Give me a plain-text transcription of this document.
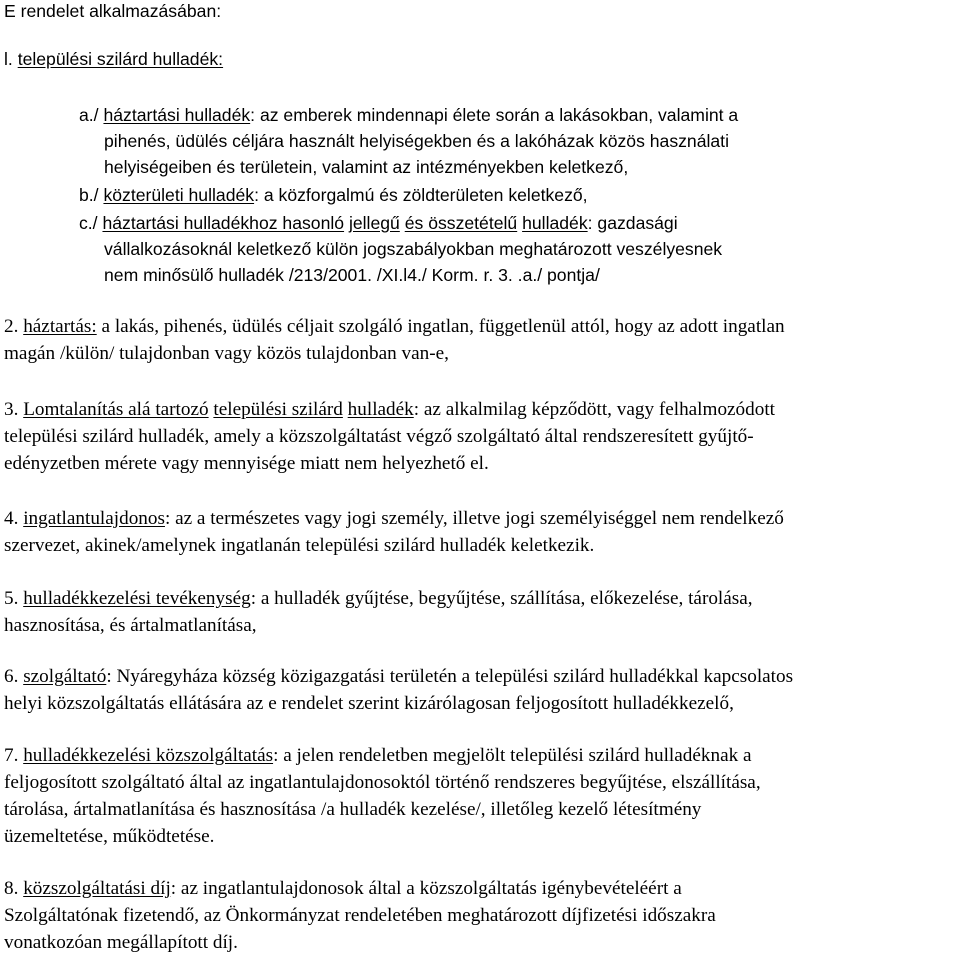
E rendelet alkalmazásában:
l. települési szilárd hulladék:
a./ háztartási hulladék: az emberek mindennapi élete során a lakásokban, valamint a
pihenés, üdülés céljára használt helyiségekben és a lakóházak közös használati
helyiségeiben és területein, valamint az intézményekben keletkező,
b./ közterületi hulladék: a közforgalmú és zöldterületen keletkező,
c./ háztartási hulladékhoz hasonló jellegű és összetételű hulladék: gazdasági
vállalkozásoknál keletkező külön jogszabályokban meghatározott veszélyesnek
nem minősülő hulladék /213/2001. /XI.l4./ Korm. r. 3. .a./ pontja/
2. háztartás: a lakás, pihenés, üdülés céljait szolgáló ingatlan, függetlenül attól, hogy az adott ingatlan
magán /külön/ tulajdonban vagy közös tulajdonban van-e,
3. Lomtalanítás alá tartozó települési szilárd hulladék: az alkalmilag képződött, vagy felhalmozódott
települési szilárd hulladék, amely a közszolgáltatást végző szolgáltató által rendszeresített gyűjtő-
edényzetben mérete vagy mennyisége miatt nem helyezhető el.
4. ingatlantulajdonos: az a természetes vagy jogi személy, illetve jogi személyiséggel nem rendelkező
szervezet, akinek/amelynek ingatlanán települési szilárd hulladék keletkezik.
5. hulladékkezelési tevékenység: a hulladék gyűjtése, begyűjtése, szállítása, előkezelése, tárolása,
hasznosítása, és ártalmatlanítása,
6. szolgáltató: Nyáregyháza község közigazgatási területén a települési szilárd hulladékkal kapcsolatos
helyi közszolgáltatás ellátására az e rendelet szerint kizárólagosan feljogosított hulladékkezelő,
7. hulladékkezelési közszolgáltatás: a jelen rendeletben megjelölt települési szilárd hulladéknak a
feljogosított szolgáltató által az ingatlantulajdonosoktól történő rendszeres begyűjtése, elszállítása,
tárolása, ártalmatlanítása és hasznosítása /a hulladék kezelése/, illetőleg kezelő létesítmény
üzemeltetése, működtetése.
8. közszolgáltatási díj: az ingatlantulajdonosok által a közszolgáltatás igénybevételéért a
Szolgáltatónak fizetendő, az Önkormányzat rendeletében meghatározott díjfizetési időszakra
vonatkozóan megállapított díj.
